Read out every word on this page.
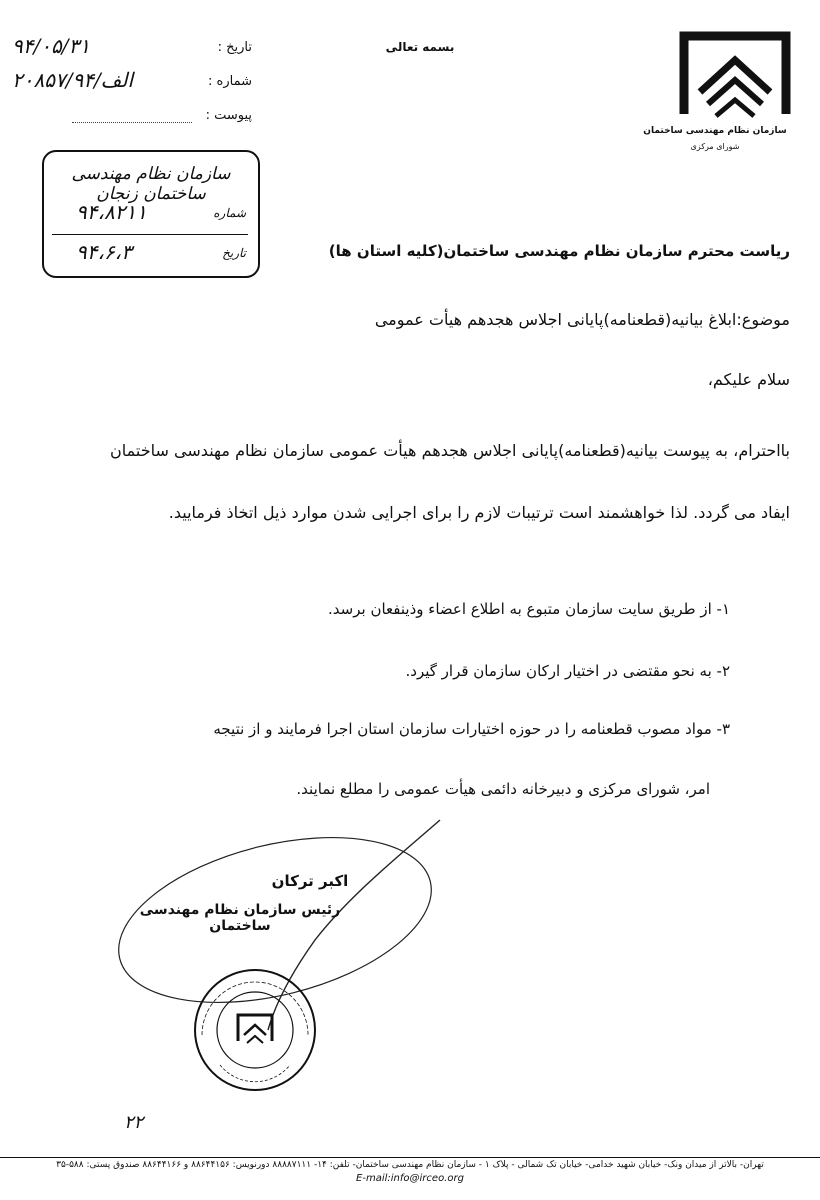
سازمان نظام مهندسی ساختمان
شورای مرکزی
بسمه تعالی
تاریخ :
۹۴/۰۵/۳۱
شماره :
۲۰۸۵۷/الف/۹۴
پیوست :
سازمان نظام مهندسی ساختمان زنجان
شماره
۹۴،۸۲۱۱
تاریخ
۹۴،۶،۳	ریاست محترم سازمان نظام مهندسی ساختمان(کلیه استان ها)
موضوع:ابلاغ بیانیه(قطعنامه)پایانی اجلاس هجدهم هیأت عمومی
سلام علیکم،
بااحترام، به پیوست بیانیه(قطعنامه)پایانی اجلاس هجدهم هیأت عمومی سازمان نظام مهندسی ساختمان ایفاد می گردد. لذا خواهشمند است ترتیبات لازم را برای اجرایی شدن موارد ذیل اتخاذ فرمایید.
۱- از طریق سایت سازمان متبوع به اطلاع اعضاء وذینفعان برسد.
۲- به نحو مقتضی در اختیار ارکان سازمان قرار گیرد.
۳- مواد مصوب قطعنامه را در حوزه اختیارات سازمان استان اجرا فرمایند و از نتیجه
امر، شورای مرکزی و دبیرخانه دائمی هیأت عمومی را مطلع نمایند.
اکبر ترکان
رئیس سازمان نظام مهندسی ساختمان
۲۲
تهران- بالاتر از میدان ونک- خیابان شهید خدامی- خیابان تک شمالی - پلاک ۱ - سازمان نظام مهندسی ساختمان- تلفن: ۱۴- ۸۸۸۸۷۱۱۱ دورنویس: ۸۸۶۴۴۱۵۶ و ۸۸۶۴۴۱۶۶ صندوق پستی: ۵۸۸-۳۵
E-mail:info@irceo.org
